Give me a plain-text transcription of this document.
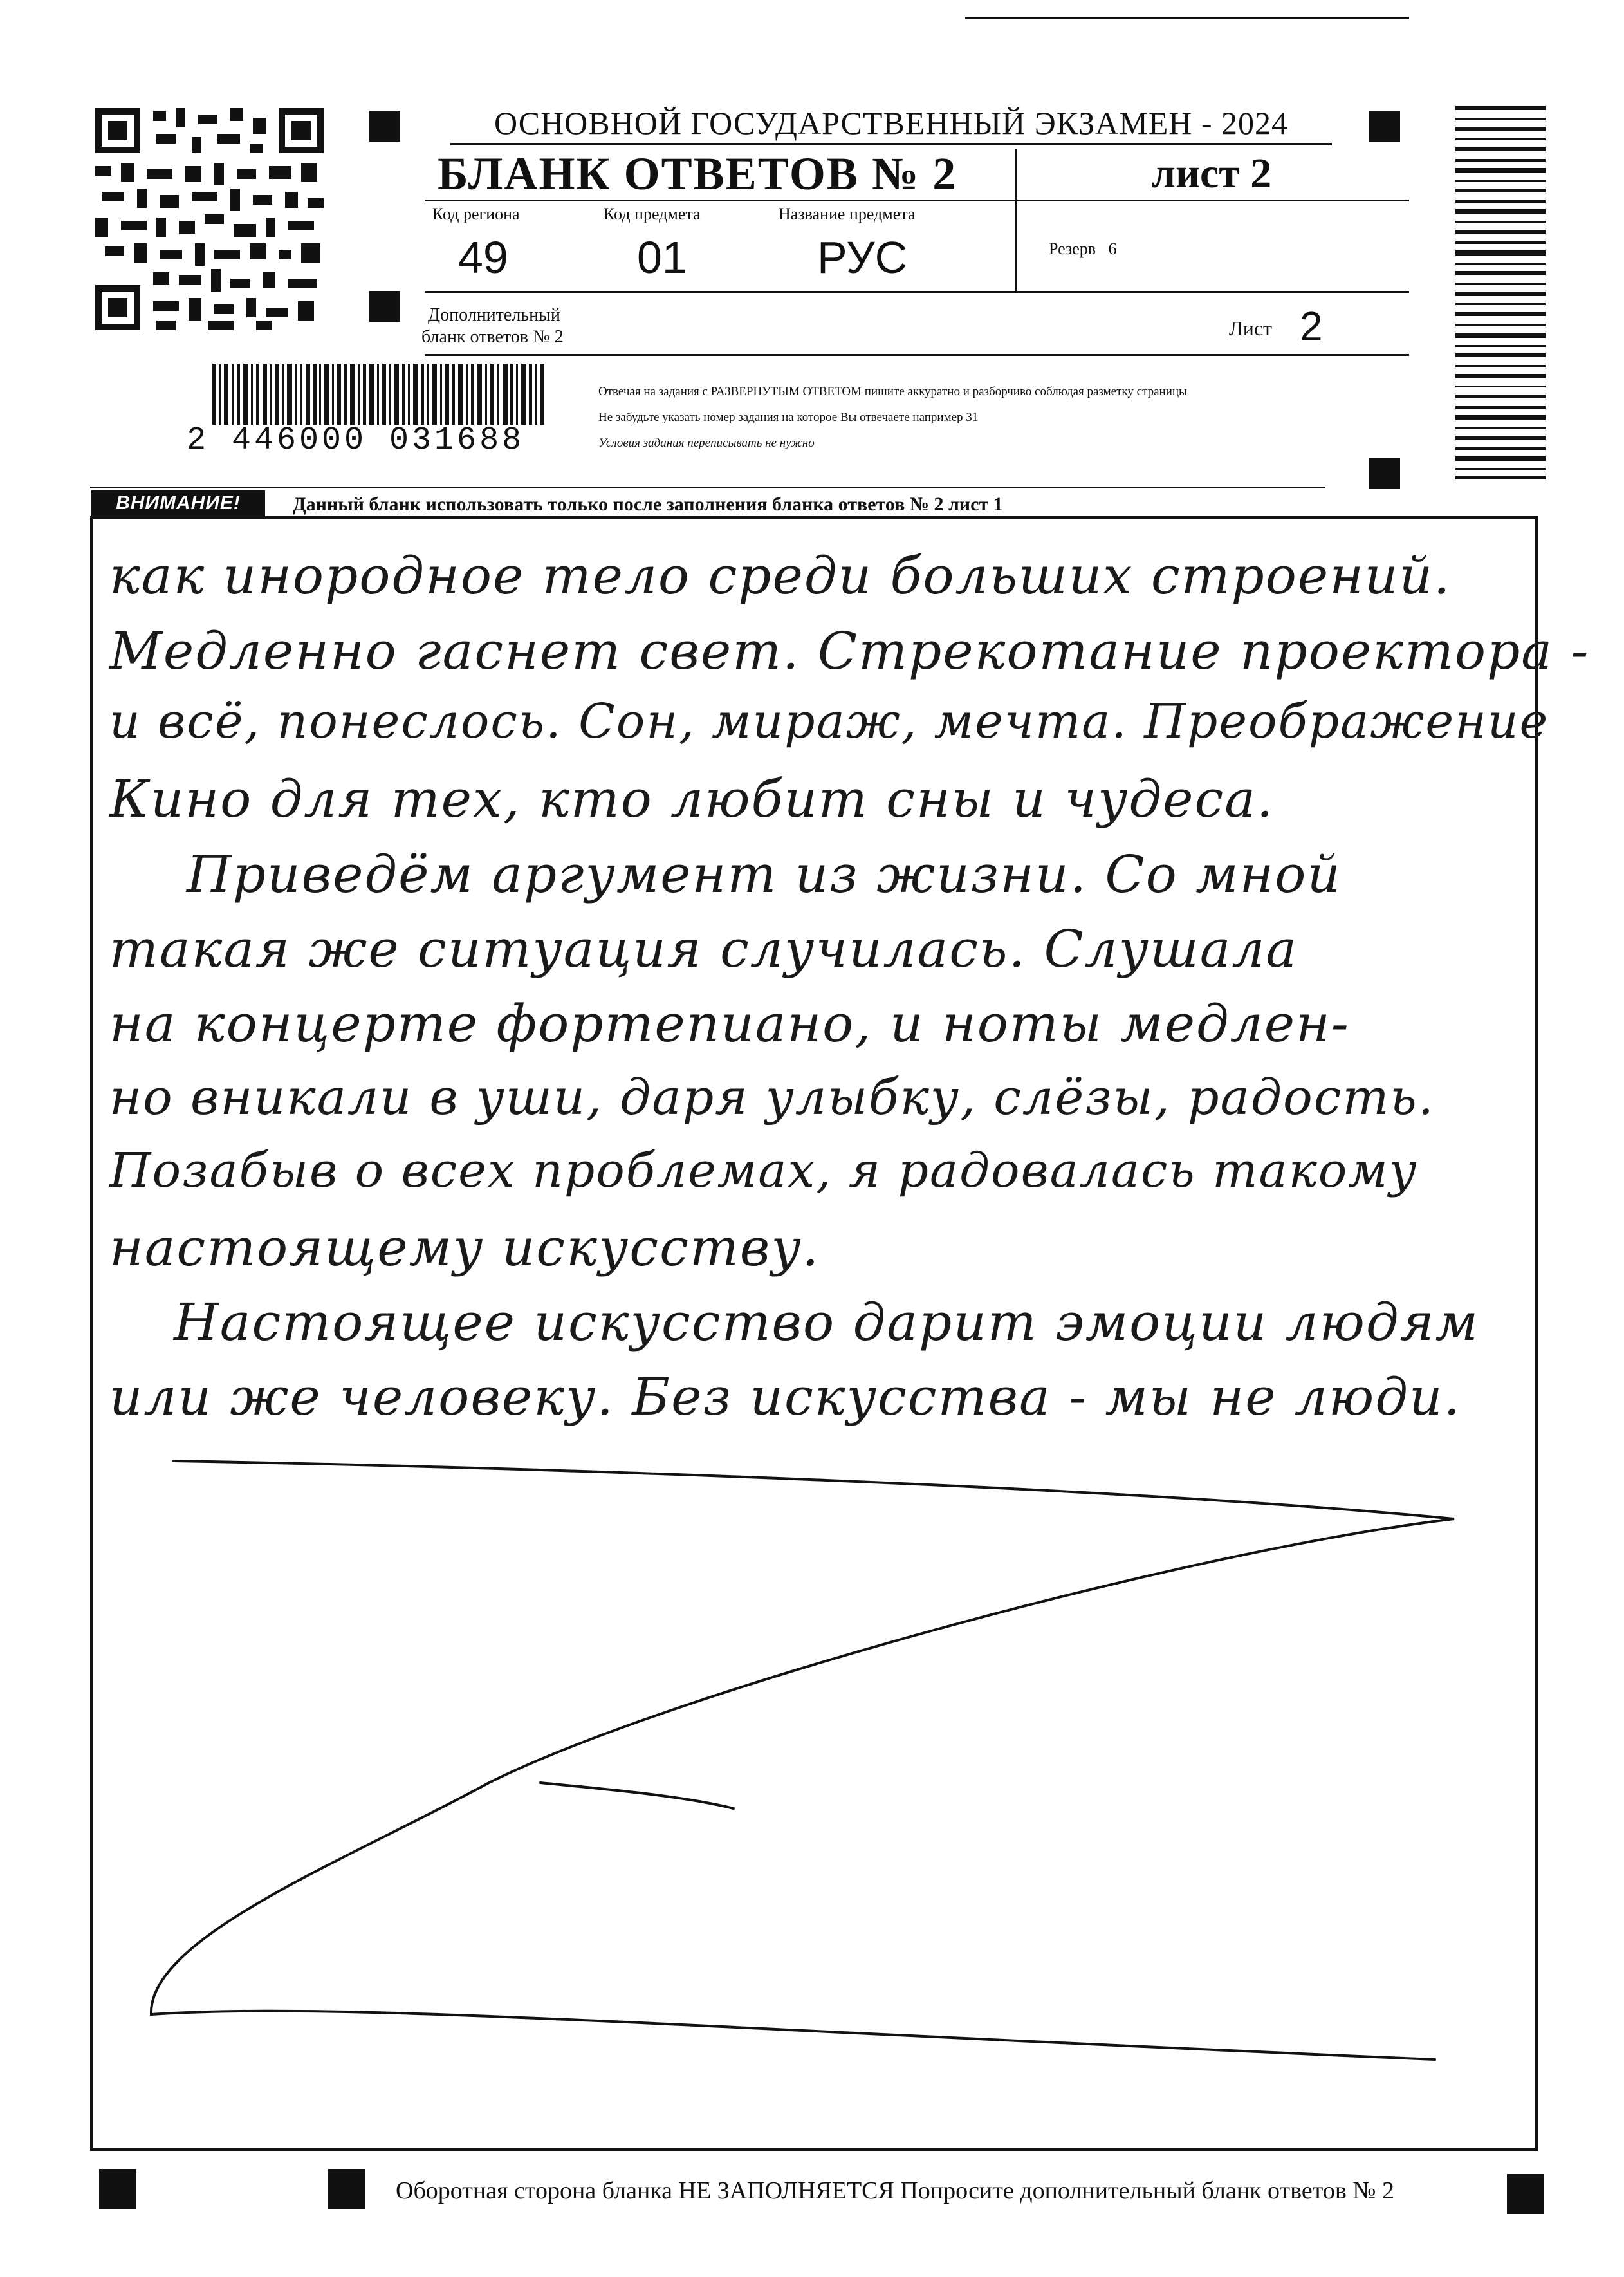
ОСНОВНОЙ ГОСУДАРСТВЕННЫЙ ЭКЗАМЕН - 2024
БЛАНК ОТВЕТОВ № 2	лист 2
Код региона
49
Код предмета
01
Название предмета
РУС	Резерв 6
Дополнительный
бланк ответов № 2	Лист 2
2 446000 031688
Отвечая на задания с РАЗВЕРНУТЫМ ОТВЕТОМ пишите аккуратно и разборчиво соблюдая разметку страницы
Не забудьте указать номер задания на которое Вы отвечаете например 31
Условия задания переписывать не нужно
ВНИМАНИЕ!	Данный бланк использовать только после заполнения бланка ответов № 2 лист 1
как инородное тело среди больших строений.
Медленно гаснет свет. Стрекотание проектора -
и всё, понеслось. Сон, мираж, мечта. Преображение
Кино для тех, кто любит сны и чудеса.
Приведём аргумент из жизни. Со мной
такая же ситуация случилась. Слушала
на концерте фортепиано, и ноты медлен-
но вникали в уши, даря улыбку, слёзы, радость.
Позабыв о всех проблемах, я радовалась такому
настоящему искусству.
Настоящее искусство дарит эмоции людям
или же человеку. Без искусства - мы не люди.
Оборотная сторона бланка НЕ ЗАПОЛНЯЕТСЯ Попросите дополнительный бланк ответов № 2
